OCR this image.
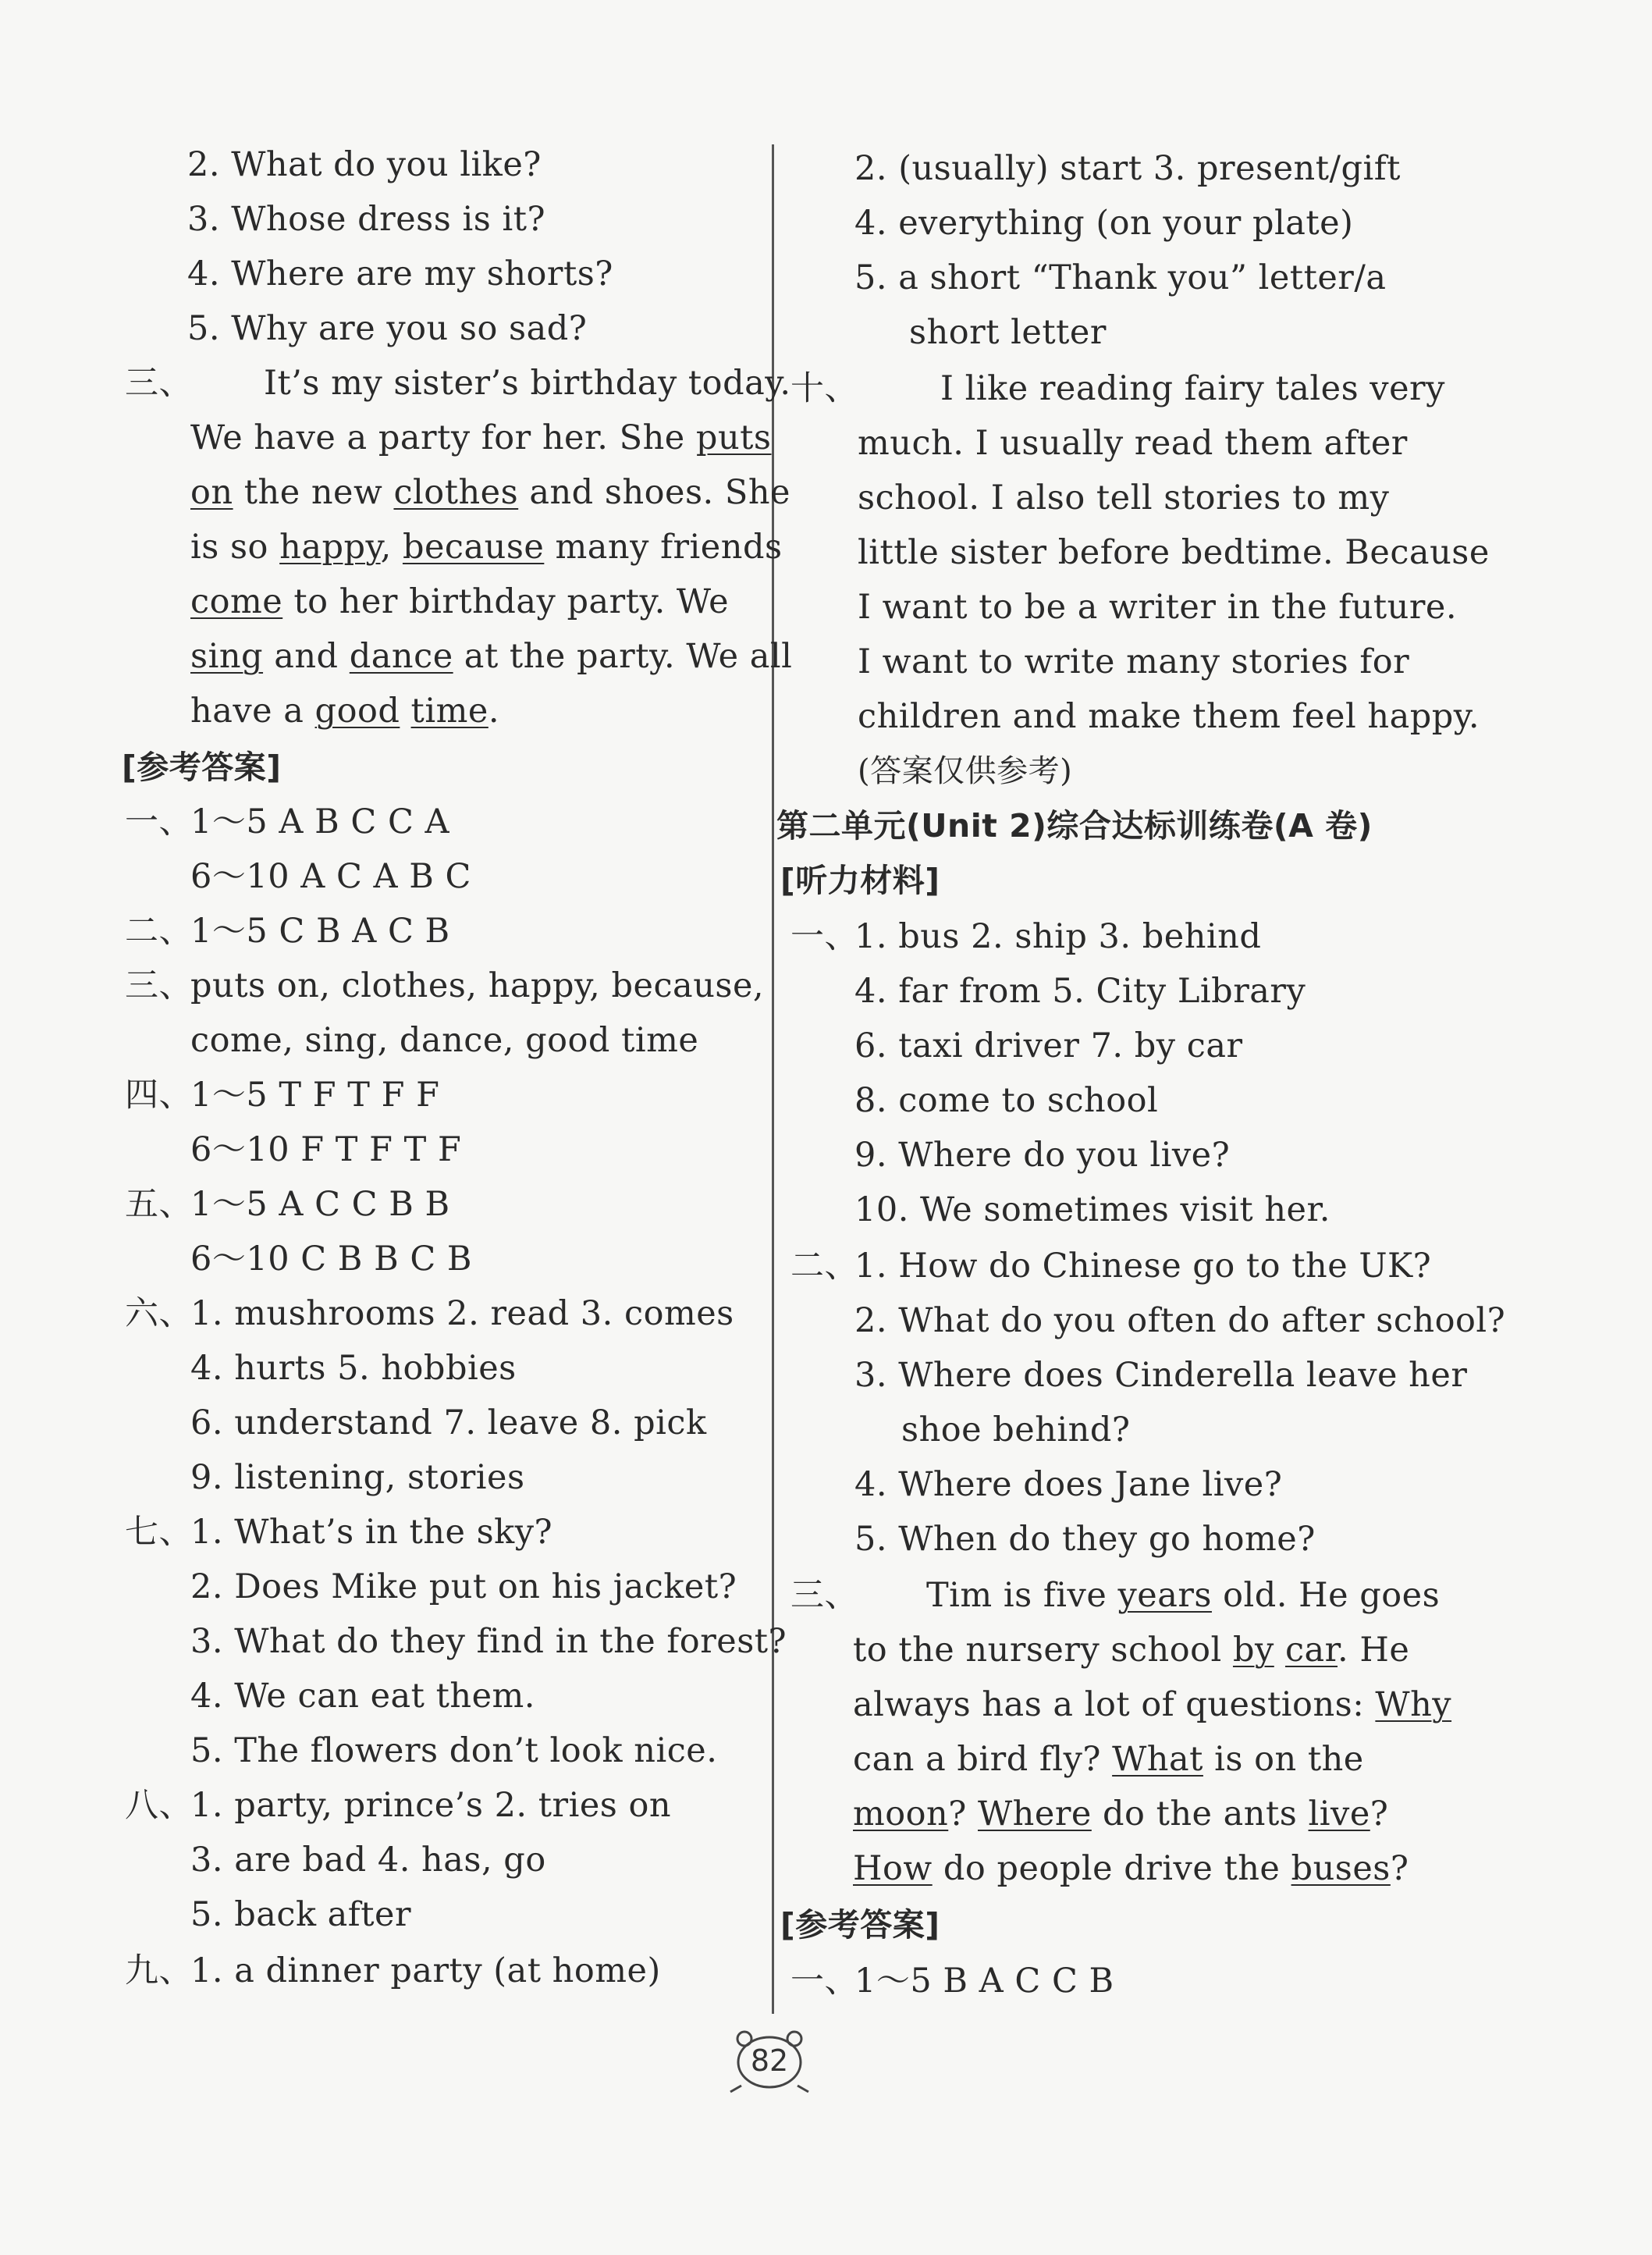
2. What do you like?
3. Whose dress is it?
4. Where are my shorts?
5. Why are you so sad?
三、 It’s my sister’s birthday today.
We have a party for her. She puts
on the new clothes and shoes. She
is so happy, because many friends
come to her birthday party. We
sing and dance at the party. We all
have a good time.
[参考答案]
一、
1～5 A B C C A
6～10 A C A B C
二、
1～5 C B A C B
三、
puts on, clothes, happy, because,
come, sing, dance, good time
四、
1～5 T F T F F
6～10 F T F T F
五、
1～5 A C C B B
6～10 C B B C B
六、
1. mushrooms 2. read 3. comes
4. hurts 5. hobbies
6. understand 7. leave 8. pick
9. listening, stories
七、
1. What’s in the sky?
2. Does Mike put on his jacket?
3. What do they find in the forest?
4. We can eat them.
5. The flowers don’t look nice.
八、
1. party, prince’s 2. tries on
3. are bad 4. has, go
5. back after
九、
1. a dinner party (at home)
2. (usually) start 3. present/gift
4. everything (on your plate)
5. a short “Thank you” letter/a
short letter
十、 I like reading fairy tales very
much. I usually read them after
school. I also tell stories to my
little sister before bedtime. Because
I want to be a writer in the future.
I want to write many stories for
children and make them feel happy.
(答案仅供参考)
第二单元(Unit 2)综合达标训练卷(A 卷)
[听力材料]
一、
1. bus 2. ship 3. behind
4. far from 5. City Library
6. taxi driver 7. by car
8. come to school
9. Where do you live?
10. We sometimes visit her.
二、
1. How do Chinese go to the UK?
2. What do you often do after school?
3. Where does Cinderella leave her
shoe behind?
4. Where does Jane live?
5. When do they go home?
三、 Tim is five years old. He goes
to the nursery school by car. He
always has a lot of questions: Why
can a bird fly? What is on the
moon? Where do the ants live?
How do people drive the buses?
[参考答案]
一、
1～5 B A C C B
82
